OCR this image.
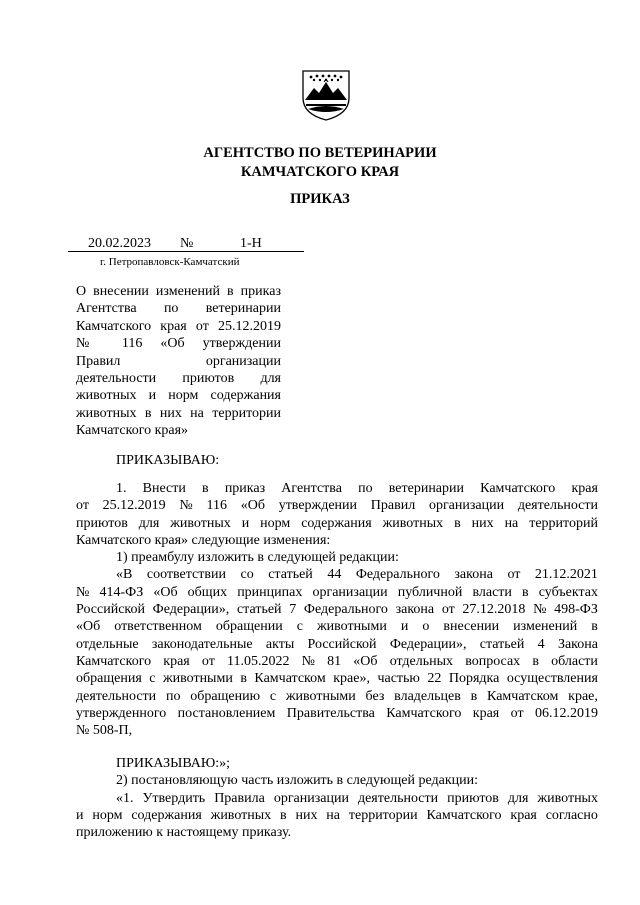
АГЕНТСТВО ПО ВЕТЕРИНАРИИ
КАМЧАТСКОГО КРАЯ
ПРИКАЗ
20.02.2023 №	1-Н
г. Петропавловск-Камчатский
О внесении изменений в приказ
Агентства по ветеринарии
Камчатского края от 25.12.2019
№ 116 «Об утверждении
Правил организации
деятельности приютов для
животных и норм содержания
животных в них на территории
Камчатского края»
ПРИКАЗЫВАЮ:
1. Внести в приказ Агентства по ветеринарии Камчатского края
от 25.12.2019 № 116 «Об утверждении Правил организации деятельности
приютов для животных и норм содержания животных в них на территорий
Камчатского края» следующие изменения:
1) преамбулу изложить в следующей редакции:
«В соответствии со статьей 44 Федерального закона от 21.12.2021
№ 414-ФЗ «Об общих принципах организации публичной власти в субъектах
Российской Федерации», статьей 7 Федерального закона от 27.12.2018 № 498-ФЗ
«Об ответственном обращении с животными и о внесении изменений в
отдельные законодательные акты Российской Федерации», статьей 4 Закона
Камчатского края от 11.05.2022 № 81 «Об отдельных вопросах в области
обращения с животными в Камчатском крае», частью 22 Порядка осуществления
деятельности по обращению с животными без владельцев в Камчатском крае,
утвержденного постановлением Правительства Камчатского края от 06.12.2019
№ 508-П,
ПРИКАЗЫВАЮ:»;
2) постановляющую часть изложить в следующей редакции:
«1. Утвердить Правила организации деятельности приютов для животных
и норм содержания животных в них на территории Камчатского края согласно
приложению к настоящему приказу.
